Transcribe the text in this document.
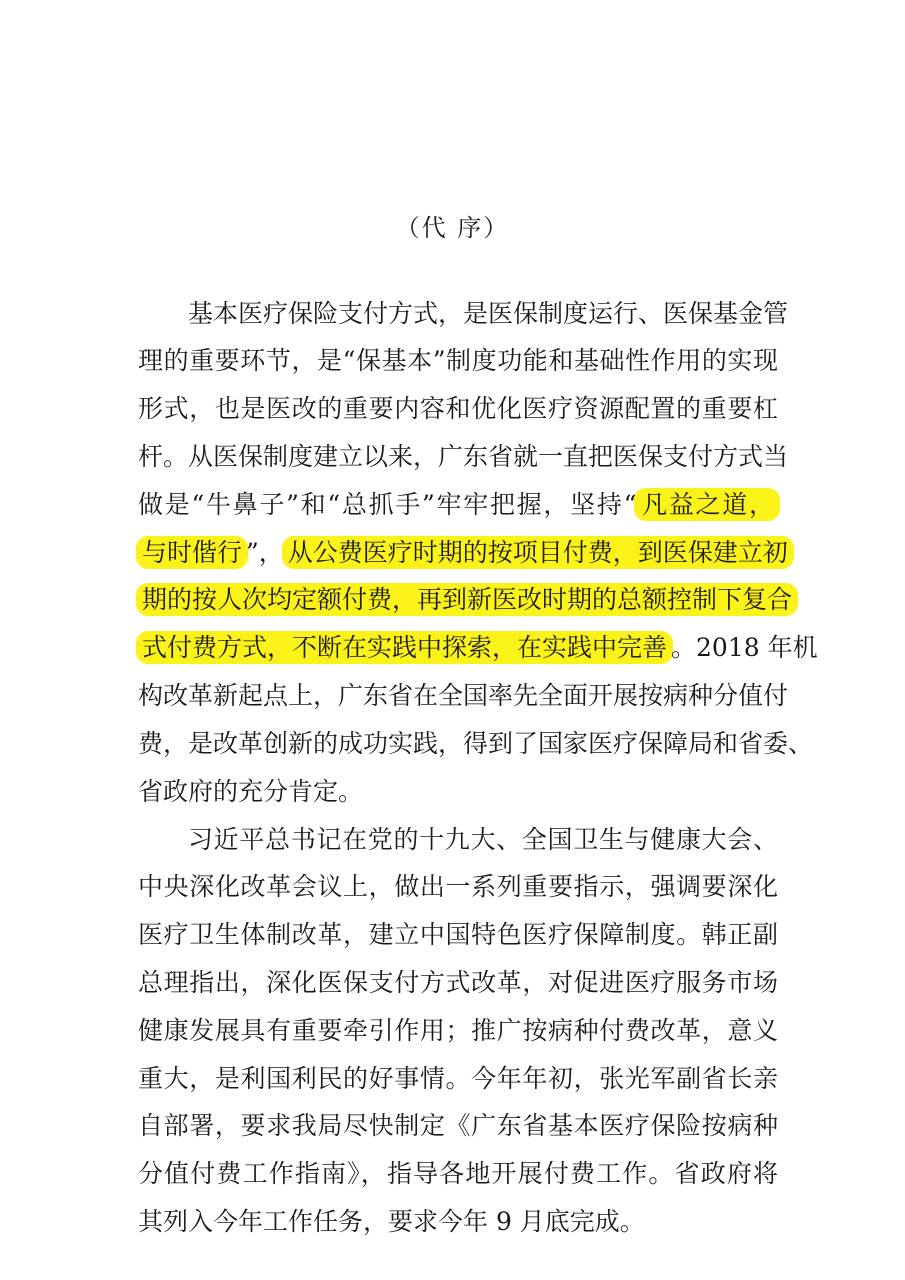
（代 序）
基本医疗保险支付方式，是医保制度运行、医保基金管
理的重要环节，是“保基本”制度功能和基础性作用的实现
形式，也是医改的重要内容和优化医疗资源配置的重要杠
杆。从医保制度建立以来，广东省就一直把医保支付方式当
做是“牛鼻子”和“总抓手”牢牢把握，坚持“ 凡益之道，
与时偕行 ”， 从公费医疗时期的按项目付费，到医保建立初
期的按人次均定额付费，再到新医改时期的总额控制下复合
式付费方式，不断在实践中探索，在实践中完善 。2018 年机
构改革新起点上，广东省在全国率先全面开展按病种分值付
费，是改革创新的成功实践，得到了国家医疗保障局和省委、
省政府的充分肯定。
习近平总书记在党的十九大、全国卫生与健康大会、
中央深化改革会议上，做出一系列重要指示，强调要深化
医疗卫生体制改革，建立中国特色医疗保障制度。韩正副
总理指出，深化医保支付方式改革，对促进医疗服务市场
健康发展具有重要牵引作用；推广按病种付费改革，意义
重大，是利国利民的好事情。今年年初，张光军副省长亲
自部署，要求我局尽快制定《广东省基本医疗保险按病种
分值付费工作指南》，指导各地开展付费工作。省政府将
其列入今年工作任务，要求今年 9 月底完成。
